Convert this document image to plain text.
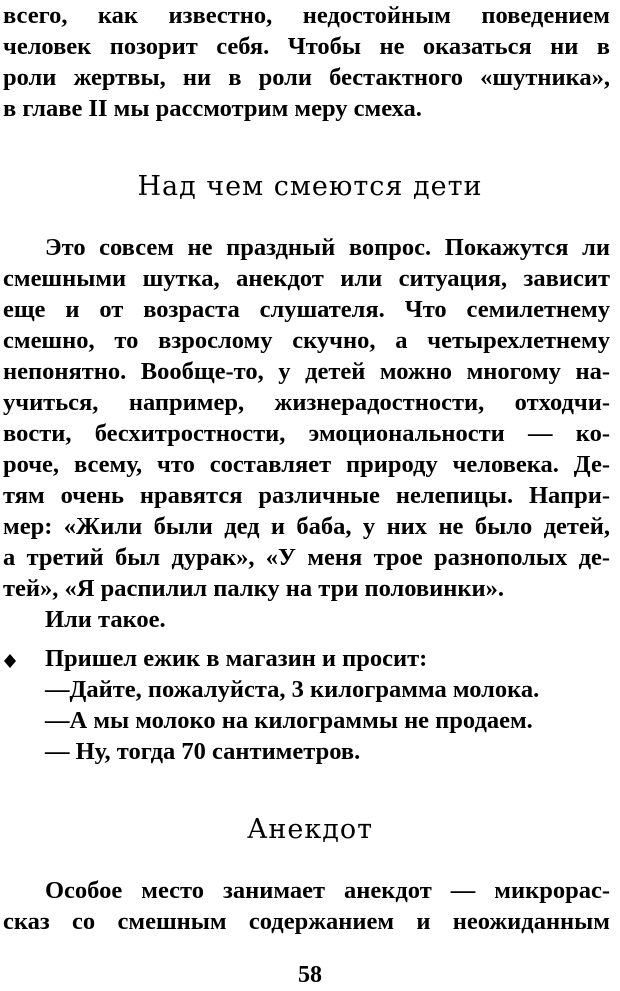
всего, как известно, недостойным поведением
человек позорит себя. Чтобы не оказаться ни в
роли жертвы, ни в роли бестактного «шутника»,
в главе II мы рассмотрим меру смеха.
Над чем смеются дети
Это совсем не праздный вопрос. Покажутся ли
смешными шутка, анекдот или ситуация, зависит
еще и от возраста слушателя. Что семилетнему
смешно, то взрослому скучно, а четырехлетнему
непонятно. Вообще-то, у детей можно многому на-
учиться, например, жизнерадостности, отходчи-
вости, бесхитростности, эмоциональности — ко-
роче, всему, что составляет природу человека. Де-
тям очень нравятся различные нелепицы. Напри-
мер: «Жили были дед и баба, у них не было детей,
а третий был дурак», «У меня трое разнополых де-
тей», «Я распилил палку на три половинки».
Или такое.
Пришел ежик в магазин и просит:
—Дайте, пожалуйста, 3 килограмма молока.
—А мы молоко на килограммы не продаем.
— Ну, тогда 70 сантиметров.
Анекдот
Особое место занимает анекдот — микрорас-
сказ со смешным содержанием и неожиданным
58
